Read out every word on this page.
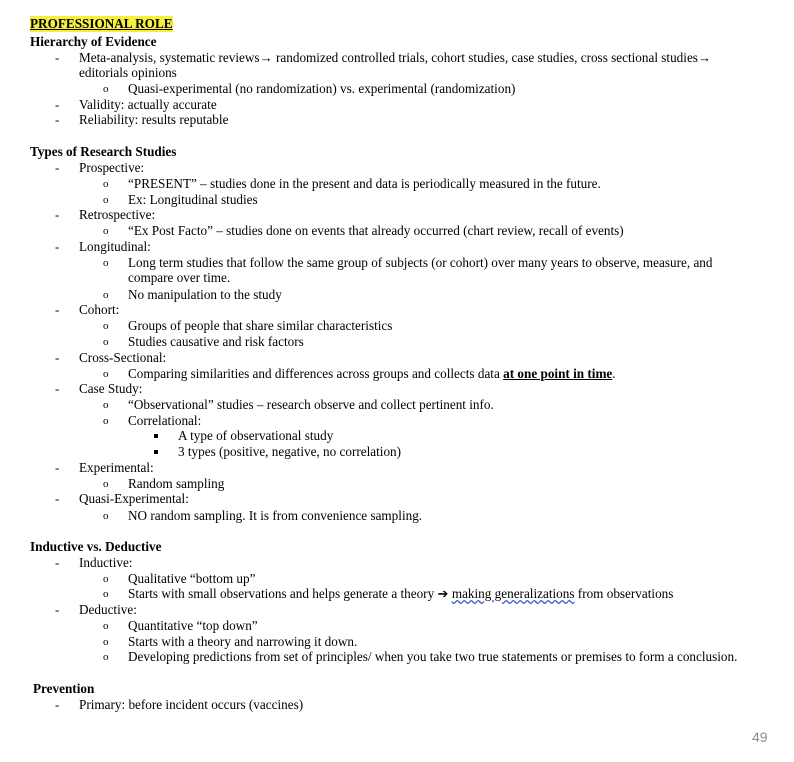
PROFESSIONAL ROLE
Hierarchy of Evidence
- Meta-analysis, systematic reviews→ randomized controlled trials, cohort studies, case studies, cross sectional studies→
editorials opinions
o Quasi-experimental (no randomization) vs. experimental (randomization)
- Validity: actually accurate
- Reliability: results reputable
Types of Research Studies
- Prospective:
o “PRESENT” – studies done in the present and data is periodically measured in the future.
o Ex: Longitudinal studies
- Retrospective:
o “Ex Post Facto” – studies done on events that already occurred (chart review, recall of events)
- Longitudinal:
o Long term studies that follow the same group of subjects (or cohort) over many years to observe, measure, and
compare over time.
o No manipulation to the study
- Cohort:
o Groups of people that share similar characteristics
o Studies causative and risk factors
- Cross-Sectional:
o Comparing similarities and differences across groups and collects data at one point in time.
- Case Study:
o “Observational” studies – research observe and collect pertinent info.
o Correlational:
A type of observational study
3 types (positive, negative, no correlation)
- Experimental:
o Random sampling
- Quasi-Experimental:
o NO random sampling. It is from convenience sampling.
Inductive vs. Deductive
- Inductive:
o Qualitative “bottom up”
o Starts with small observations and helps generate a theory ➔ making generalizations from observations
- Deductive:
o Quantitative “top down”
o Starts with a theory and narrowing it down.
o Developing predictions from set of principles/ when you take two true statements or premises to form a conclusion.
Prevention
- Primary: before incident occurs (vaccines)
49
